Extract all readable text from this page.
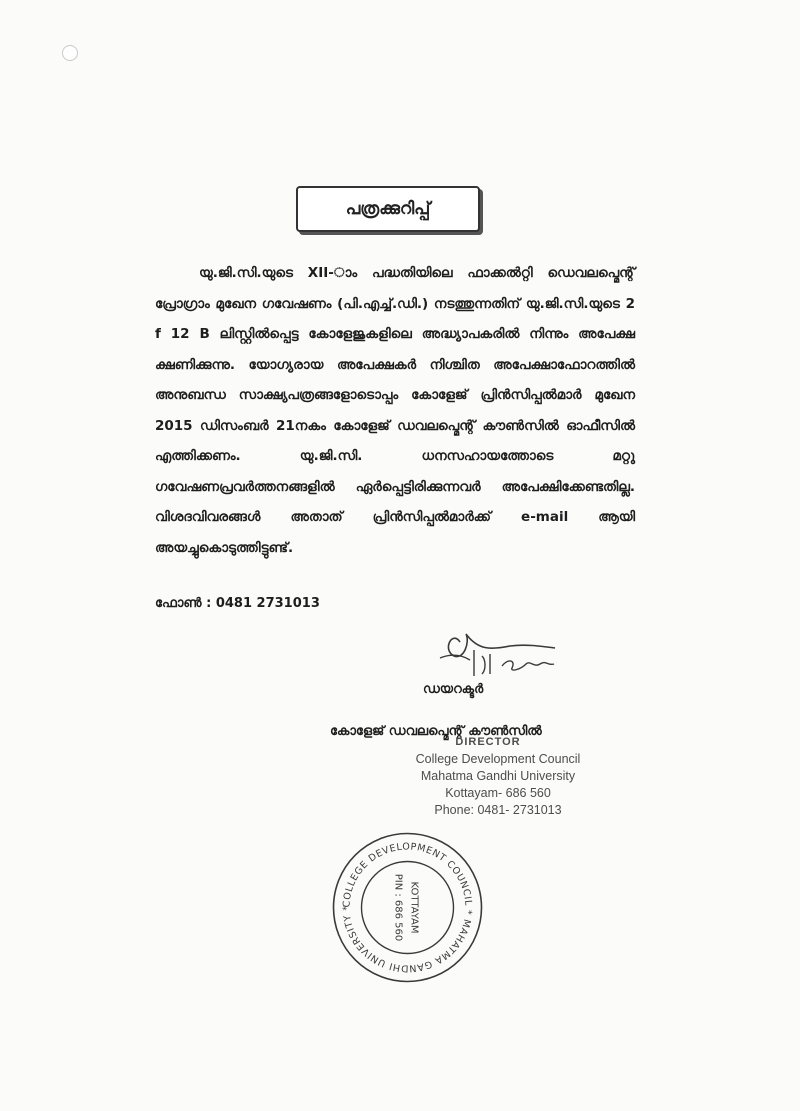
പത്രക്കുറിപ്പ്
യു.ജി.സി.യുടെ XII-ാം പദ്ധതിയിലെ ഫാക്കൽറ്റി ഡെവലപ്മെന്റ് പ്രോഗ്രാം മുഖേന ഗവേഷണം (പി.എച്ച്.ഡി.) നടത്തുന്നതിന് യു.ജി.സി.യുടെ 2 f 12 B ലിസ്റ്റിൽപ്പെട്ട കോളേജുകളിലെ അദ്ധ്യാപകരിൽ നിന്നും അപേക്ഷ ക്ഷണിക്കുന്നു. യോഗ്യരായ അപേക്ഷകർ നിശ്ചിത അപേക്ഷാഫോറത്തിൽ അനുബന്ധ സാക്ഷ്യപത്രങ്ങളോടൊപ്പം കോളേജ് പ്രിൻസിപ്പൽമാർ മുഖേന 2015 ഡിസംബർ 21നകം കോളേജ് ഡവലപ്മെന്റ് കൗൺസിൽ ഓഫീസിൽ എത്തിക്കണം. യു.ജി.സി. ധനസഹായത്തോടെ മറ്റു ഗവേഷണപ്രവർത്തനങ്ങളിൽ ഏർപ്പെട്ടിരിക്കുന്നവർ അപേക്ഷിക്കേണ്ടതില്ല. വിശദവിവരങ്ങൾ അതാത് പ്രിൻസിപ്പൽമാർക്ക് e-mail ആയി അയച്ചുകൊടുത്തിട്ടുണ്ട്.
ഫോൺ : 0481 2731013
ഡയറക്ടർ
കോളേജ് ഡവലപ്മെന്റ് കൗൺസിൽ
DIRECTOR
College Development Council
Mahatma Gandhi University
Kottayam- 686 560
Phone: 0481- 2731013
COLLEGE DEVELOPMENT COUNCIL * MAHATMA GANDHI UNIVERSITY *	KOTTAYAM
PIN : 686 560
